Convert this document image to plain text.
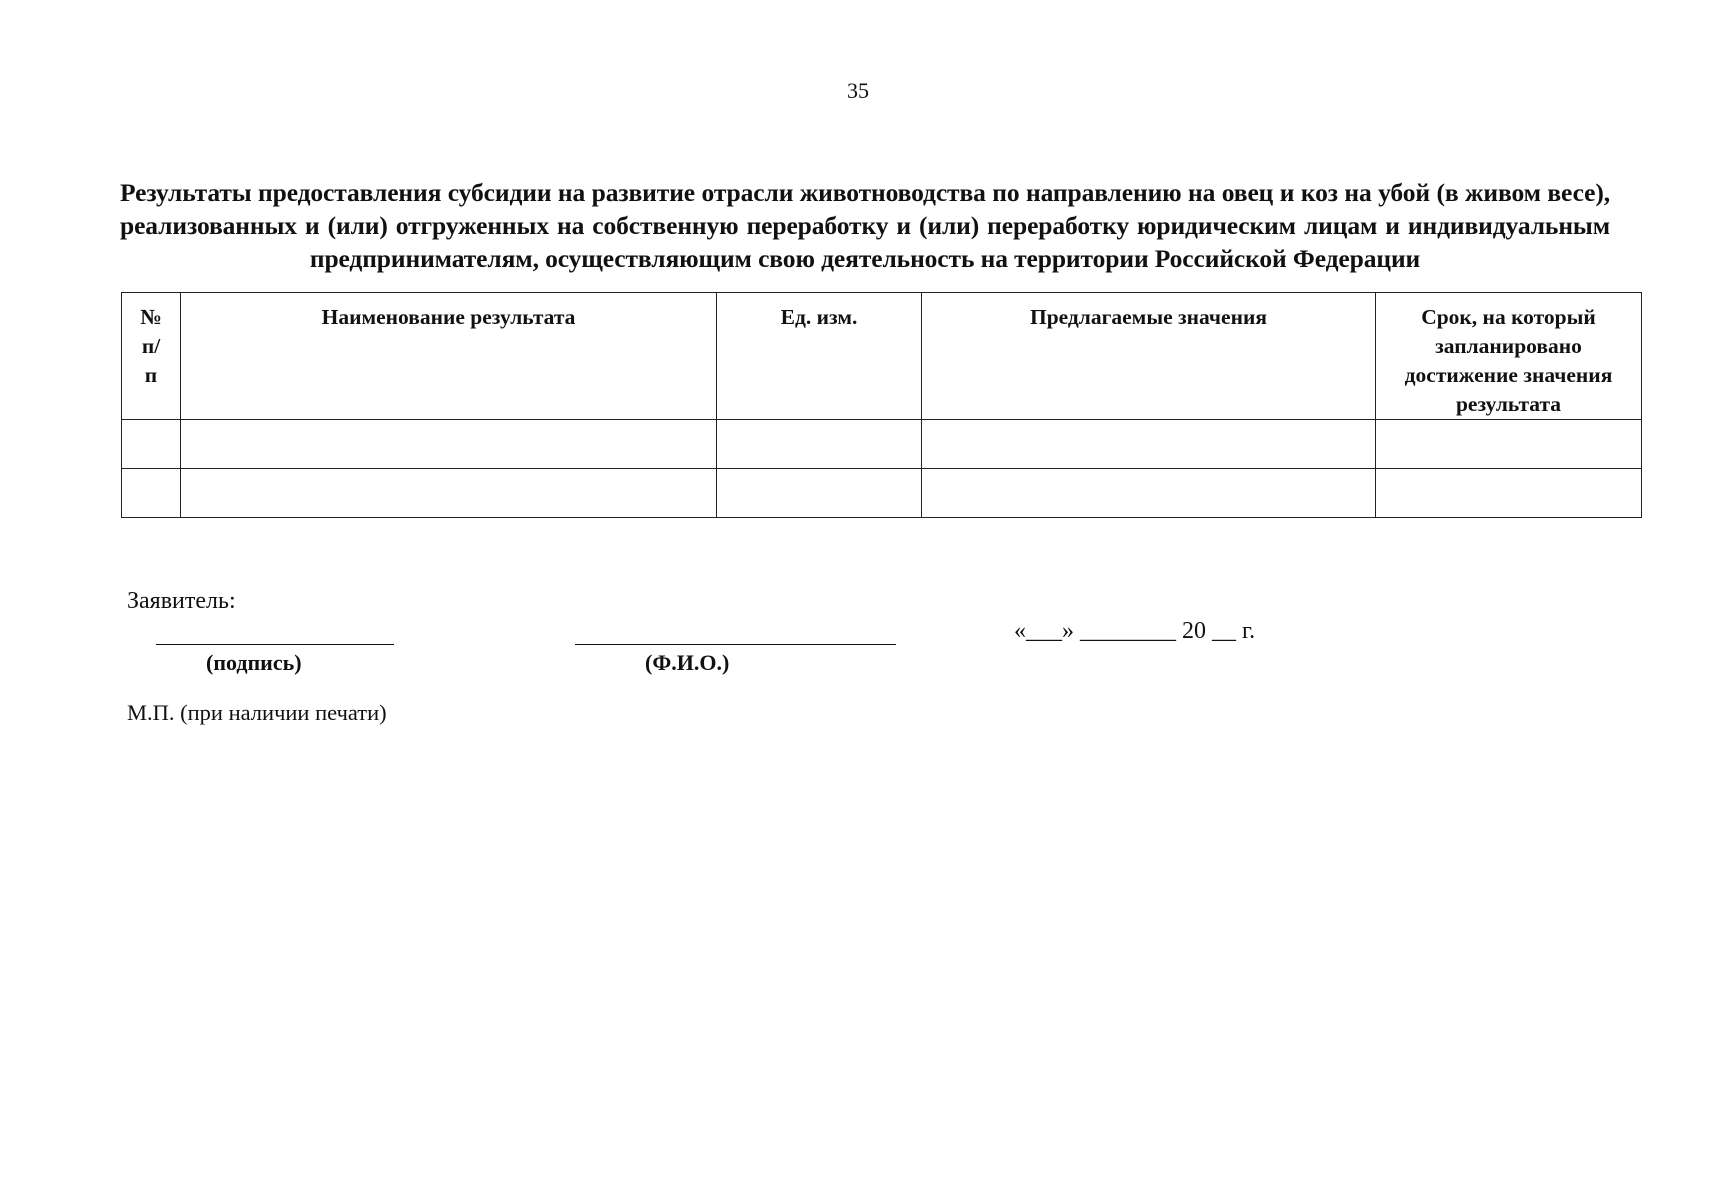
35
Результаты предоставления субсидии на развитие отрасли животноводства по направлению на овец и коз на убой (в живом весе), реализованных и (или) отгруженных на собственную переработку и (или) переработку юридическим лицам и индивидуальным предпринимателям, осуществляющим свою деятельность на территории Российской Федерации
№ п/п	Наименование результата	Ед. изм.	Предлагаемые значения	Срок, на который запланировано достижение значения результата

Заявитель:
(подпись)	(Ф.И.О.)
«___» ________ 20 __ г.
М.П. (при наличии печати)
